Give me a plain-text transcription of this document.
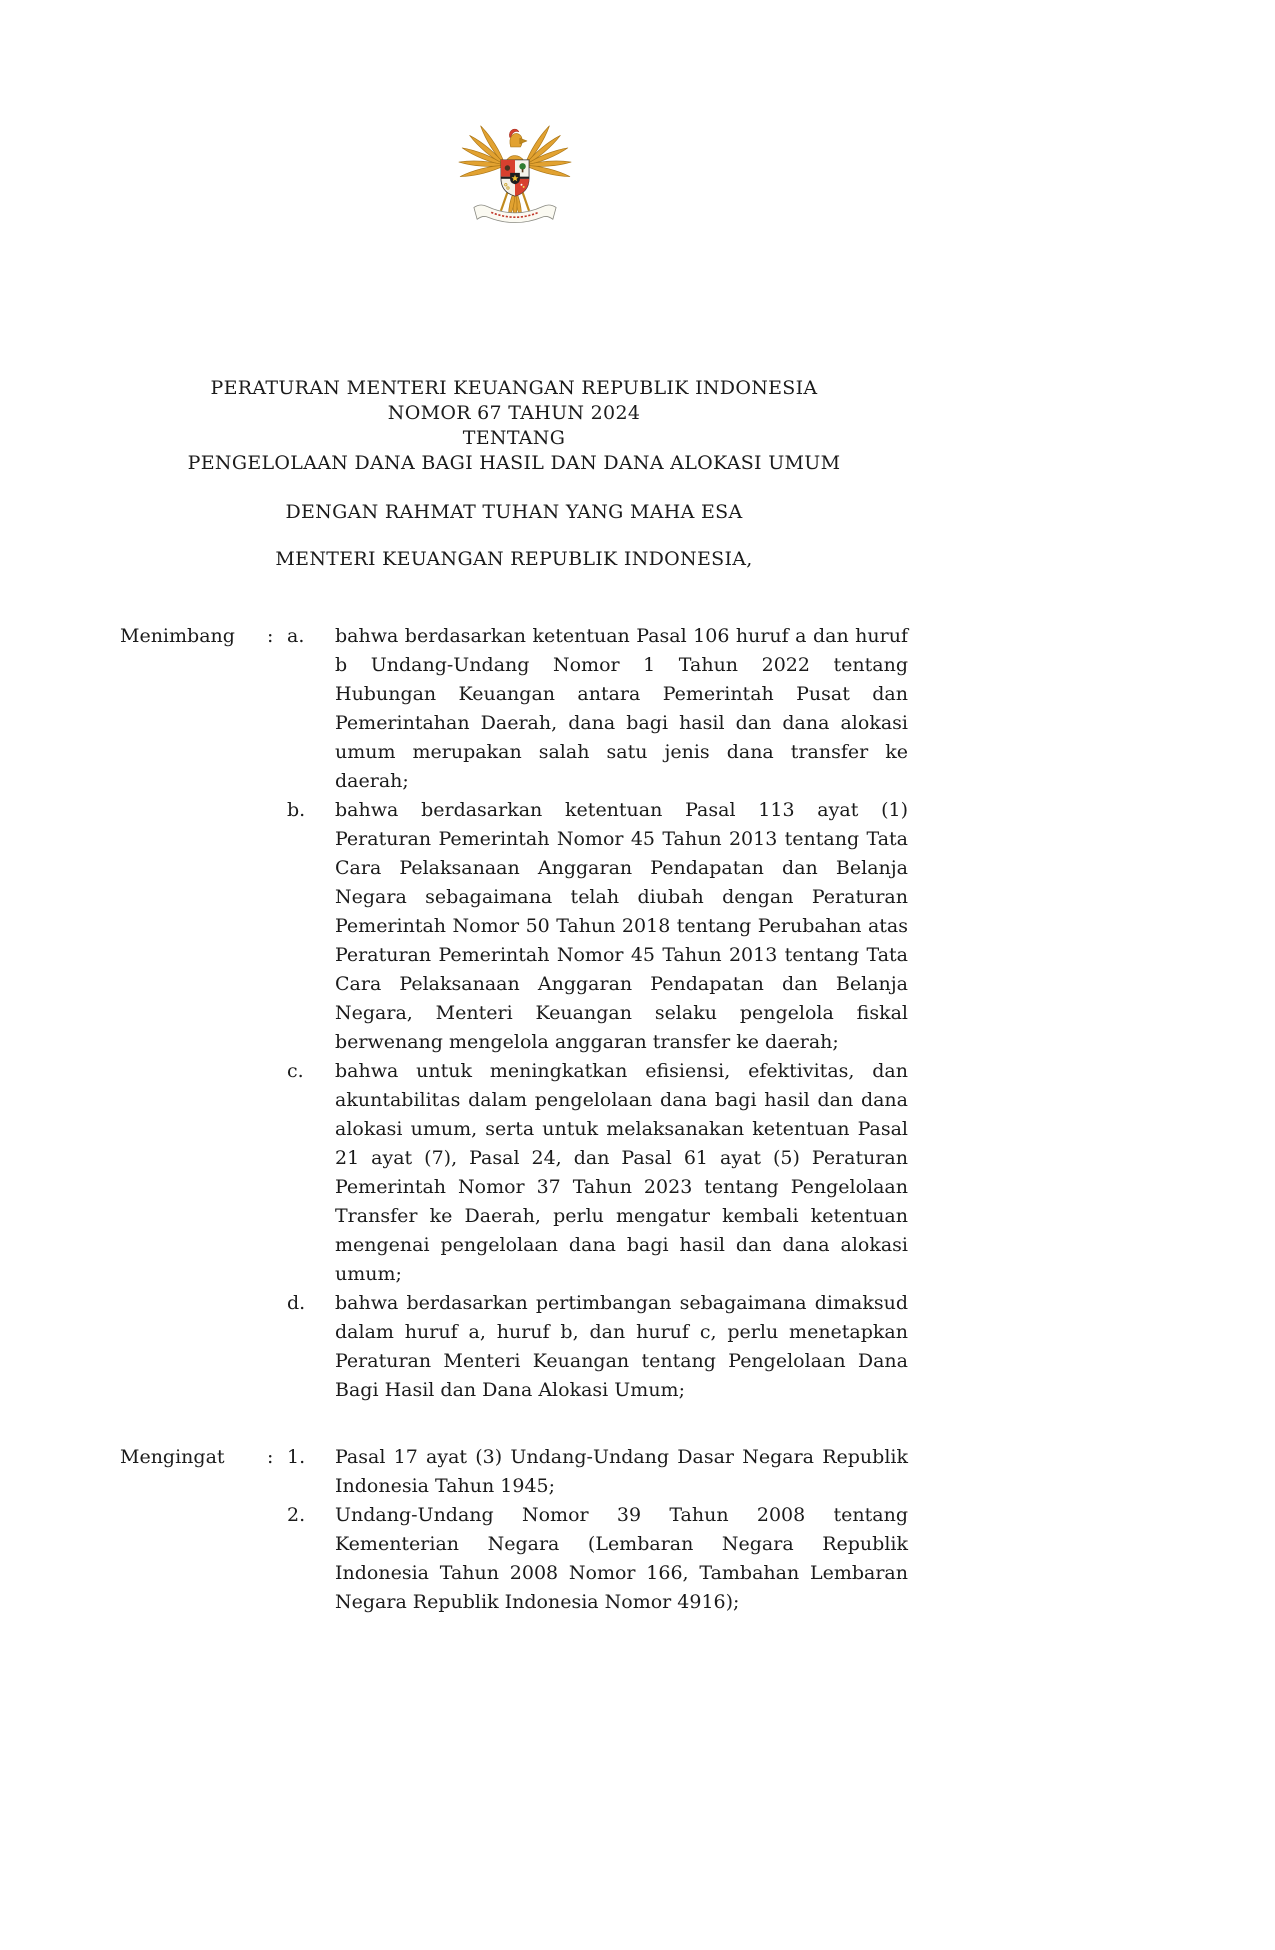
PERATURAN MENTERI KEUANGAN REPUBLIK INDONESIA
NOMOR 67 TAHUN 2024
TENTANG
PENGELOLAAN DANA BAGI HASIL DAN DANA ALOKASI UMUM
DENGAN RAHMAT TUHAN YANG MAHA ESA
MENTERI KEUANGAN REPUBLIK INDONESIA,
Menimbang	: a.	bahwa berdasarkan ketentuan Pasal 106 huruf a dan huruf b Undang-Undang Nomor 1 Tahun 2022 tentang Hubungan Keuangan antara Pemerintah Pusat dan Pemerintahan Daerah, dana bagi hasil dan dana alokasi umum merupakan salah satu jenis dana transfer ke daerah;
b.	bahwa berdasarkan ketentuan Pasal 113 ayat (1) Peraturan Pemerintah Nomor 45 Tahun 2013 tentang Tata Cara Pelaksanaan Anggaran Pendapatan dan Belanja Negara sebagaimana telah diubah dengan Peraturan Pemerintah Nomor 50 Tahun 2018 tentang Perubahan atas Peraturan Pemerintah Nomor 45 Tahun 2013 tentang Tata Cara Pelaksanaan Anggaran Pendapatan dan Belanja Negara, Menteri Keuangan selaku pengelola fiskal berwenang mengelola anggaran transfer ke daerah;
c.	bahwa untuk meningkatkan efisiensi, efektivitas, dan akuntabilitas dalam pengelolaan dana bagi hasil dan dana alokasi umum, serta untuk melaksanakan ketentuan Pasal 21 ayat (7), Pasal 24, dan Pasal 61 ayat (5) Peraturan Pemerintah Nomor 37 Tahun 2023 tentang Pengelolaan Transfer ke Daerah, perlu mengatur kembali ketentuan mengenai pengelolaan dana bagi hasil dan dana alokasi umum;
d.	bahwa berdasarkan pertimbangan sebagaimana dimaksud dalam huruf a, huruf b, dan huruf c, perlu menetapkan Peraturan Menteri Keuangan tentang Pengelolaan Dana Bagi Hasil dan Dana Alokasi Umum;
Mengingat	: 1.	Pasal 17 ayat (3) Undang-Undang Dasar Negara Republik Indonesia Tahun 1945;
2.	Undang-Undang Nomor 39 Tahun 2008 tentang Kementerian Negara (Lembaran Negara Republik Indonesia Tahun 2008 Nomor 166, Tambahan Lembaran Negara Republik Indonesia Nomor 4916);
